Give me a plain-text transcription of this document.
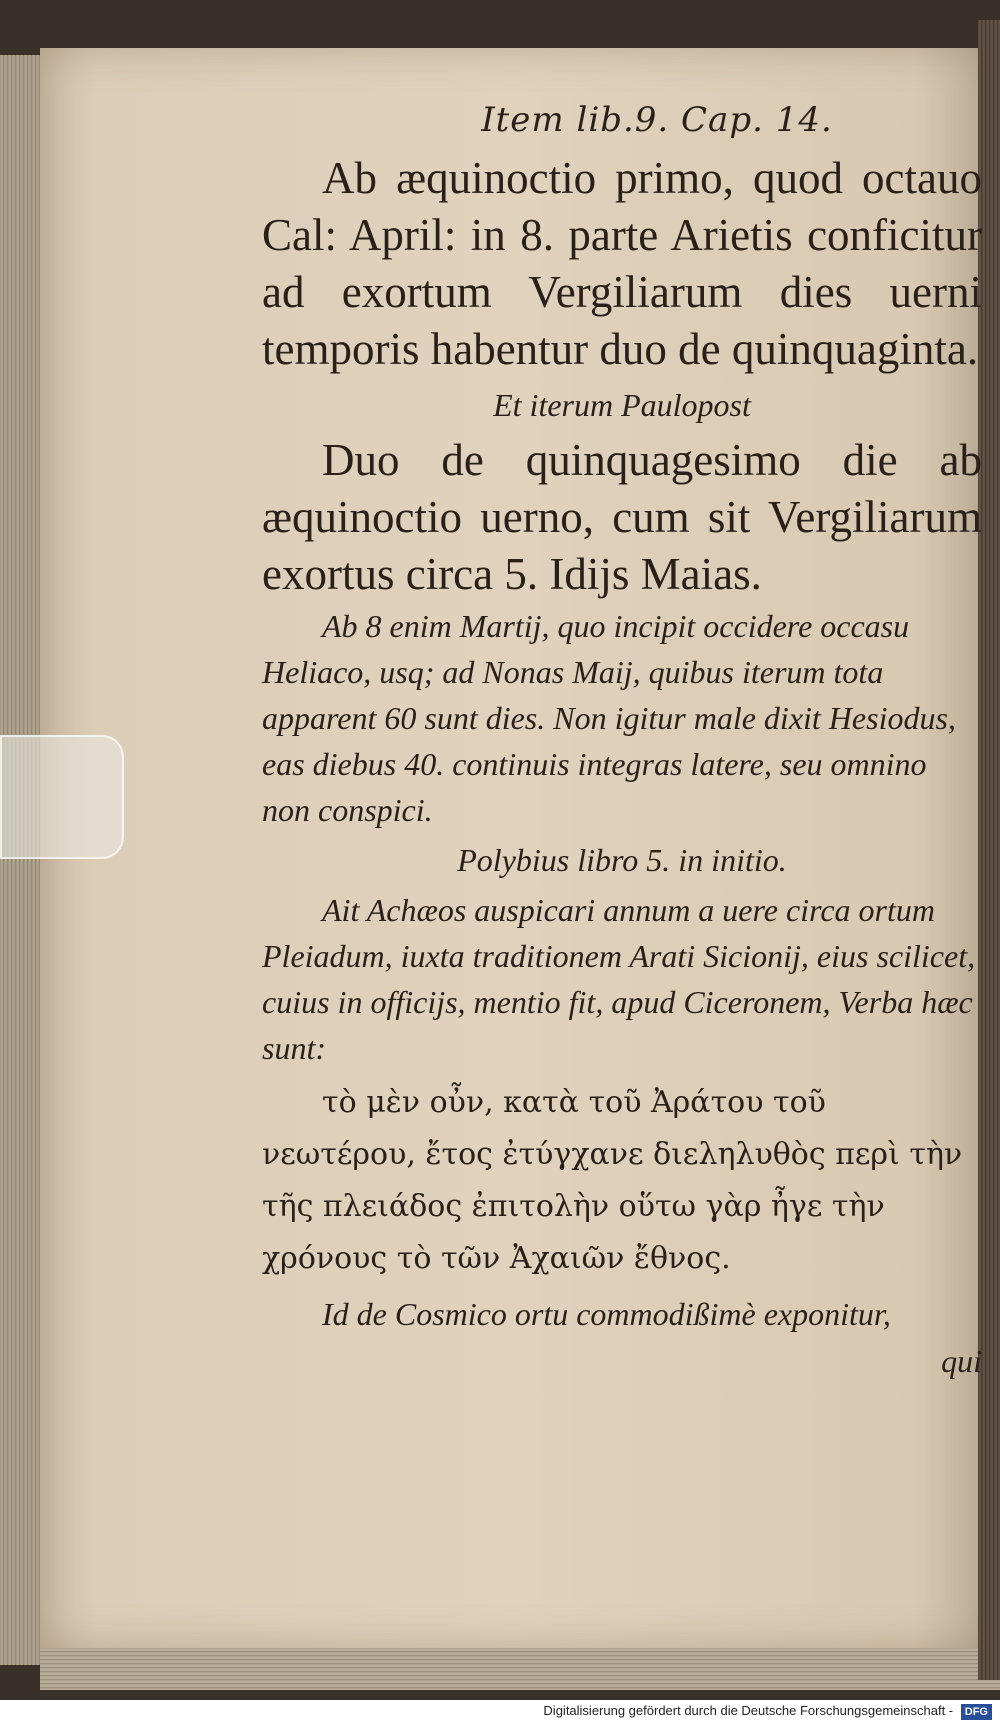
Item lib.9. Cap. 14.

Ab æquinoctio primo, quod octauo Cal: April: in 8. parte Arietis conficitur ad exortum Vergiliarum dies uerni temporis habentur duo de quinquaginta.

Et iterum Paulopost

Duo de quinquagesimo die ab æquinoctio uerno, cum sit Vergiliarum exortus circa 5. Idijs Maias.

Ab 8 enim Martij, quo incipit occidere occasu Heliaco, usq; ad Nonas Maij, quibus iterum tota apparent 60 sunt dies. Non igitur male dixit Hesiodus, eas diebus 40. continuis integras latere, seu omnino non conspici.

Polybius libro 5. in initio.

Ait Achæos auspicari annum a uere circa ortum Pleiadum, iuxta traditionem Arati Sicionij, eius scilicet, cuius in officijs, mentio fit, apud Ciceronem, Verba hæc sunt:

τὸ μὲν οὖν, κατὰ τοῦ Ἀράτου τοῦ νεωτέρου, ἔτος ἐτύγχανε διεληλυθὸς περὶ τὴν τῆς πλειάδος ἐπιτολὴν οὕτω γὰρ ἦγε τὴν χρόνους τὸ τῶν Ἀχαιῶν ἔθνος.

Id de Cosmico ortu commodißimè exponitur,

qui

Digitalisierung gefördert durch die Deutsche Forschungsgemeinschaft - DFG
